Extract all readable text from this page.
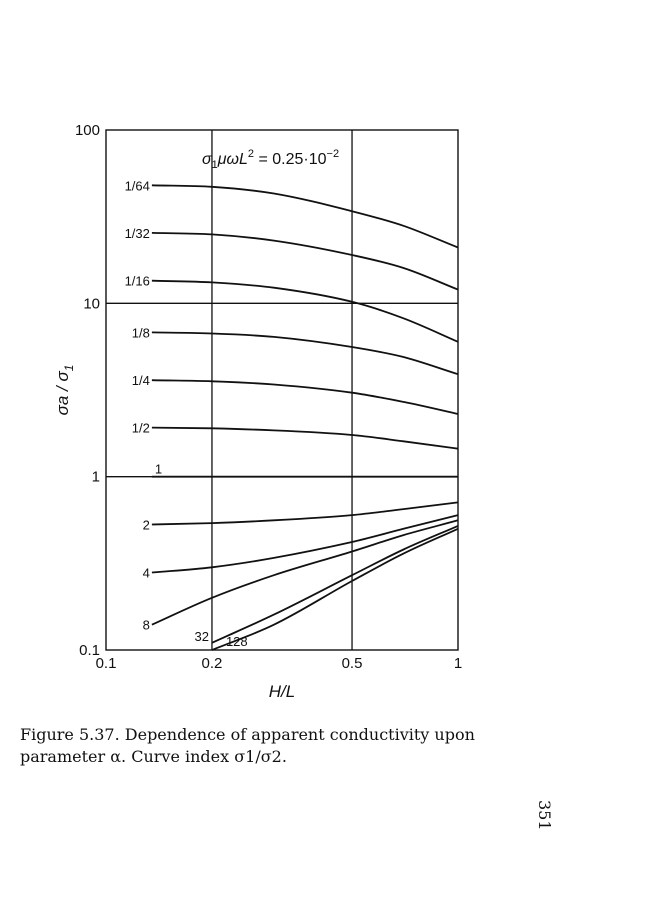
0.1	0.2	0.5	1
0.1
1
10
100
1/64
1/32
1/16
1/8
1/4
1/2
1
2
4
8
32 128
H/L
σa / $\sigma_1$
$\sigma_1\mu\omega L^2 = 0.25\cdot 10^{-2}$
Figure 5.37. Dependence of apparent conductivity upon parameter α. Curve index σ1/σ2.
351
